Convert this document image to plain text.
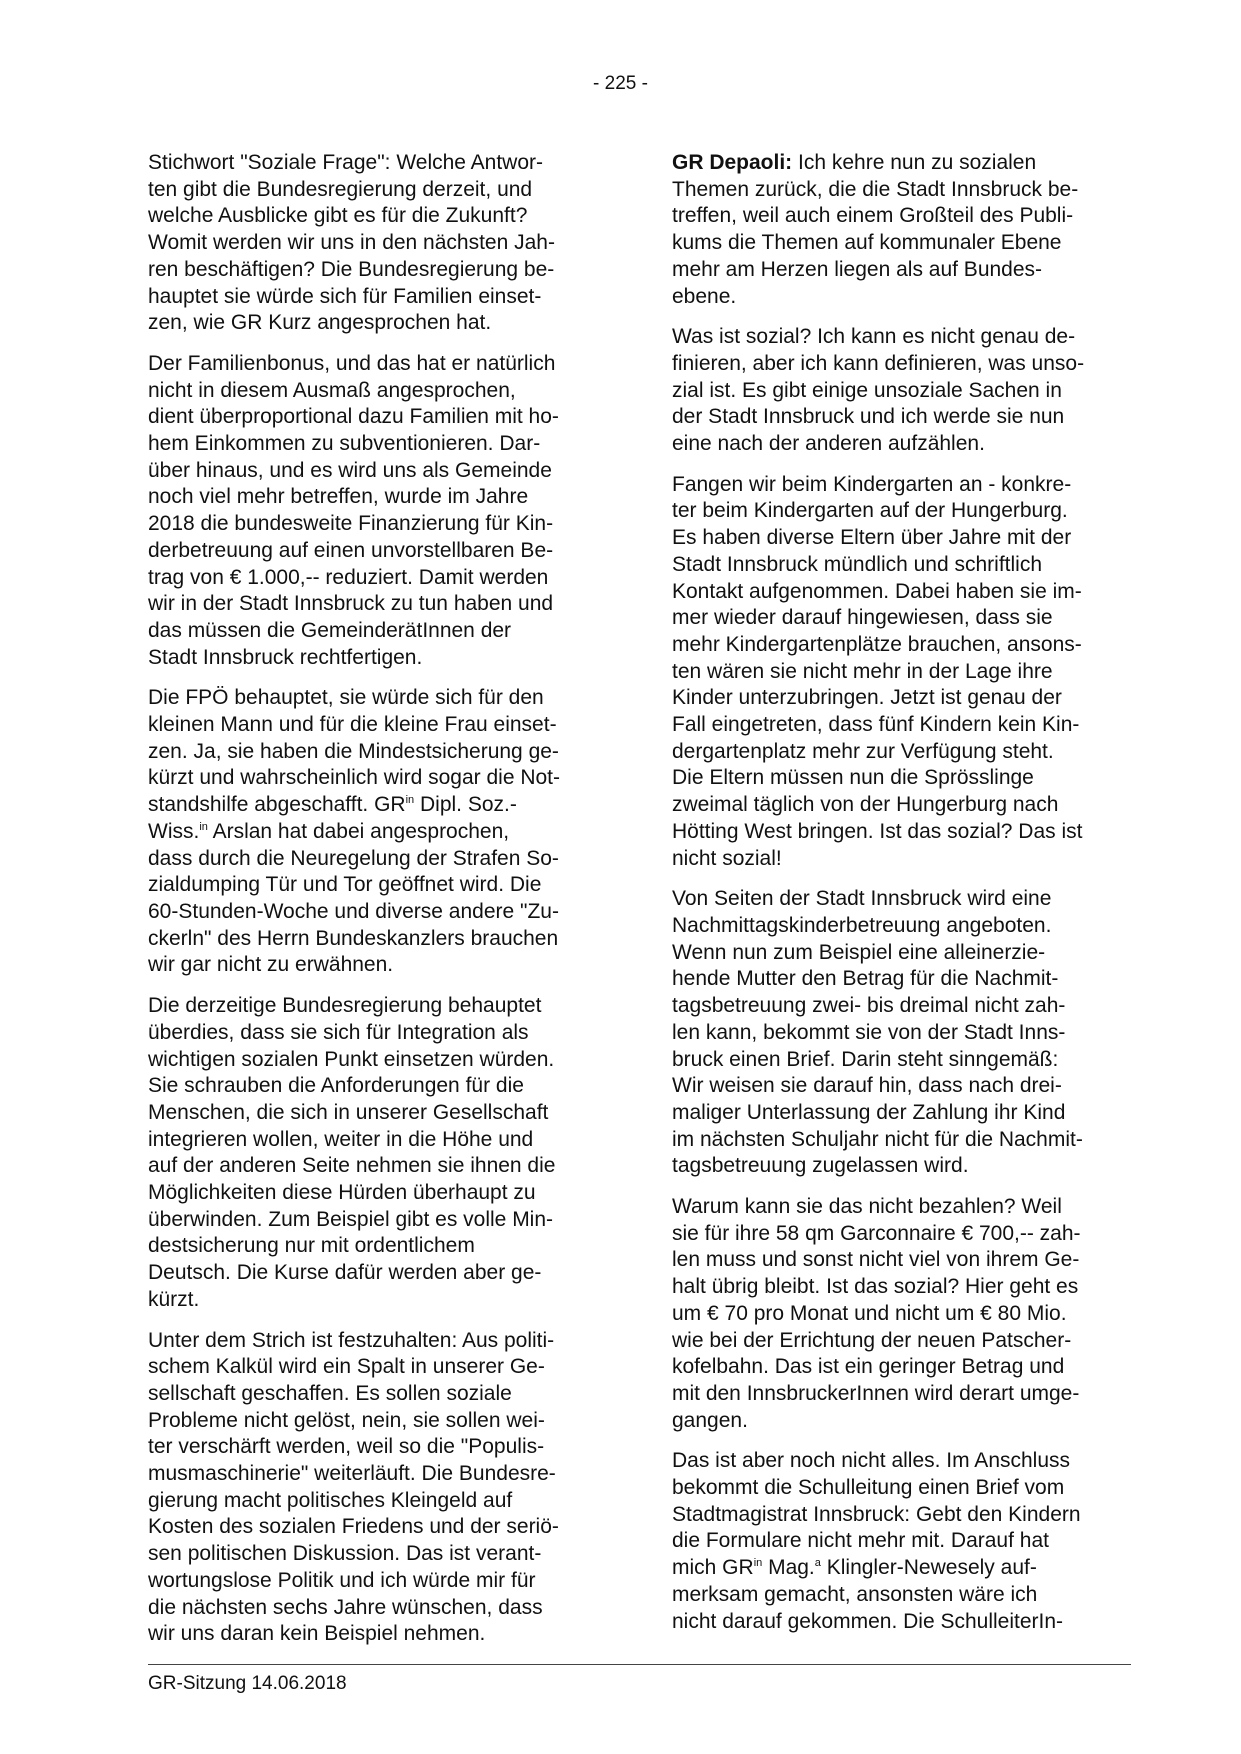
- 225 -

Stichwort "Soziale Frage": Welche Antwor-
ten gibt die Bundesregierung derzeit, und
welche Ausblicke gibt es für die Zukunft?
Womit werden wir uns in den nächsten Jah-
ren beschäftigen? Die Bundesregierung be-
hauptet sie würde sich für Familien einset-
zen, wie GR Kurz angesprochen hat.

Der Familienbonus, und das hat er natürlich
nicht in diesem Ausmaß angesprochen,
dient überproportional dazu Familien mit ho-
hem Einkommen zu subventionieren. Dar-
über hinaus, und es wird uns als Gemeinde
noch viel mehr betreffen, wurde im Jahre
2018 die bundesweite Finanzierung für Kin-
derbetreuung auf einen unvorstellbaren Be-
trag von € 1.000,-- reduziert. Damit werden
wir in der Stadt Innsbruck zu tun haben und
das müssen die GemeinderätInnen der
Stadt Innsbruck rechtfertigen.

Die FPÖ behauptet, sie würde sich für den
kleinen Mann und für die kleine Frau einset-
zen. Ja, sie haben die Mindestsicherung ge-
kürzt und wahrscheinlich wird sogar die Not-
standshilfe abgeschafft. $GR^{in}$ Dipl. Soz.-
Wiss.$^{in}$ Arslan hat dabei angesprochen,
dass durch die Neuregelung der Strafen So-
zialdumping Tür und Tor geöffnet wird. Die
60-Stunden-Woche und diverse andere "Zu-
ckerln" des Herrn Bundeskanzlers brauchen
wir gar nicht zu erwähnen.

Die derzeitige Bundesregierung behauptet
überdies, dass sie sich für Integration als
wichtigen sozialen Punkt einsetzen würden.
Sie schrauben die Anforderungen für die
Menschen, die sich in unserer Gesellschaft
integrieren wollen, weiter in die Höhe und
auf der anderen Seite nehmen sie ihnen die
Möglichkeiten diese Hürden überhaupt zu
überwinden. Zum Beispiel gibt es volle Min-
destsicherung nur mit ordentlichem
Deutsch. Die Kurse dafür werden aber ge-
kürzt.

Unter dem Strich ist festzuhalten: Aus politi-
schem Kalkül wird ein Spalt in unserer Ge-
sellschaft geschaffen. Es sollen soziale
Probleme nicht gelöst, nein, sie sollen wei-
ter verschärft werden, weil so die "Populis-
musmaschinerie" weiterläuft. Die Bundesre-
gierung macht politisches Kleingeld auf
Kosten des sozialen Friedens und der seriö-
sen politischen Diskussion. Das ist verant-
wortungslose Politik und ich würde mir für
die nächsten sechs Jahre wünschen, dass
wir uns daran kein Beispiel nehmen.

GR Depaoli: Ich kehre nun zu sozialen
Themen zurück, die die Stadt Innsbruck be-
treffen, weil auch einem Großteil des Publi-
kums die Themen auf kommunaler Ebene
mehr am Herzen liegen als auf Bundes-
ebene.

Was ist sozial? Ich kann es nicht genau de-
finieren, aber ich kann definieren, was unso-
zial ist. Es gibt einige unsoziale Sachen in
der Stadt Innsbruck und ich werde sie nun
eine nach der anderen aufzählen.

Fangen wir beim Kindergarten an - konkre-
ter beim Kindergarten auf der Hungerburg.
Es haben diverse Eltern über Jahre mit der
Stadt Innsbruck mündlich und schriftlich
Kontakt aufgenommen. Dabei haben sie im-
mer wieder darauf hingewiesen, dass sie
mehr Kindergartenplätze brauchen, ansons-
ten wären sie nicht mehr in der Lage ihre
Kinder unterzubringen. Jetzt ist genau der
Fall eingetreten, dass fünf Kindern kein Kin-
dergartenplatz mehr zur Verfügung steht.
Die Eltern müssen nun die Sprösslinge
zweimal täglich von der Hungerburg nach
Hötting West bringen. Ist das sozial? Das ist
nicht sozial!

Von Seiten der Stadt Innsbruck wird eine
Nachmittagskinderbetreuung angeboten.
Wenn nun zum Beispiel eine alleinerzie-
hende Mutter den Betrag für die Nachmit-
tagsbetreuung zwei- bis dreimal nicht zah-
len kann, bekommt sie von der Stadt Inns-
bruck einen Brief. Darin steht sinngemäß:
Wir weisen sie darauf hin, dass nach drei-
maliger Unterlassung der Zahlung ihr Kind
im nächsten Schuljahr nicht für die Nachmit-
tagsbetreuung zugelassen wird.

Warum kann sie das nicht bezahlen? Weil
sie für ihre 58 qm Garconnaire € 700,-- zah-
len muss und sonst nicht viel von ihrem Ge-
halt übrig bleibt. Ist das sozial? Hier geht es
um € 70 pro Monat und nicht um € 80 Mio.
wie bei der Errichtung der neuen Patscher-
kofelbahn. Das ist ein geringer Betrag und
mit den InnsbruckerInnen wird derart umge-
gangen.

Das ist aber noch nicht alles. Im Anschluss
bekommt die Schulleitung einen Brief vom
Stadtmagistrat Innsbruck: Gebt den Kindern
die Formulare nicht mehr mit. Darauf hat
mich $GR^{in}$ Mag.$^a$ Klingler-Newesely auf-
merksam gemacht, ansonsten wäre ich
nicht darauf gekommen. Die SchulleiterIn-

GR-Sitzung 14.06.2018
